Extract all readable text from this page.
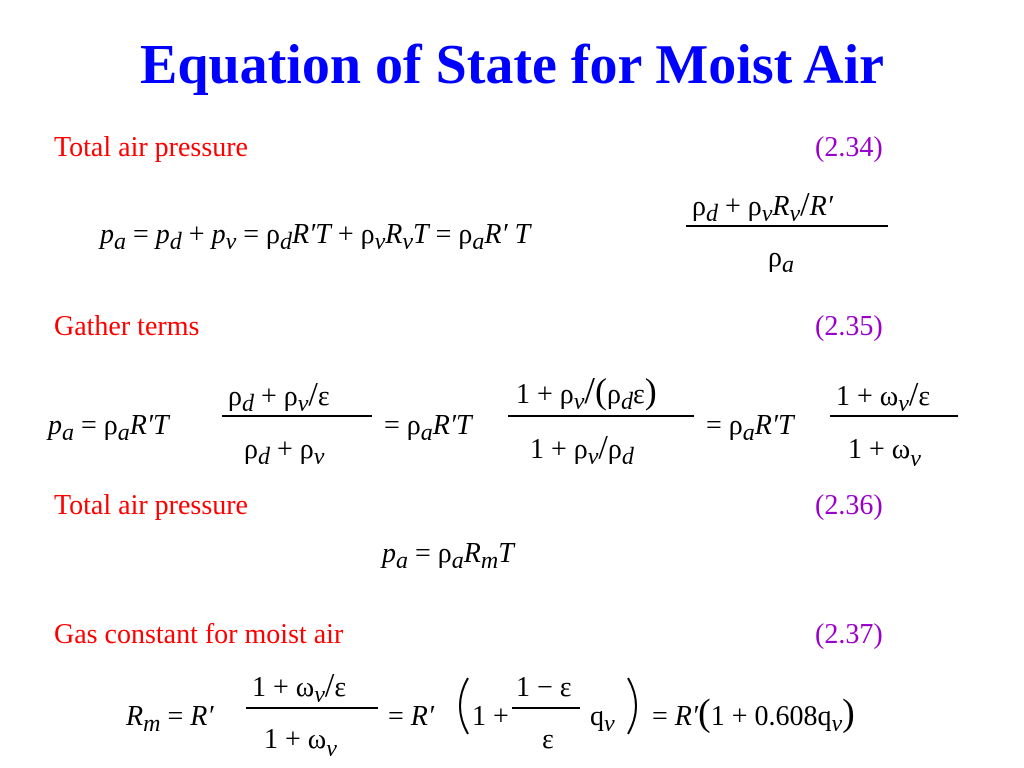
Equation of State for Moist Air
Total air pressure	(2.34)
Gather terms	(2.35)
Total air pressure	(2.36)
Gas constant for moist air	(2.37)
pa = pd + pv = ρdR′T + ρvRvT = ρaR′ T
ρd + ρvRv/R′
ρa
pa = ρaR′T
ρd + ρv/ε
ρd + ρv
= ρaR′T
1 + ρv/(ρdε)
1 + ρv/ρd
= ρaR′T
1 + ωv/ε
1 + ωv
pa = ρaRmT
Rm = R′
1 + ωv/ε
1 + ωv
= R′ 1 +
1 − ε
ε
qv = R′(1 + 0.608qv)
